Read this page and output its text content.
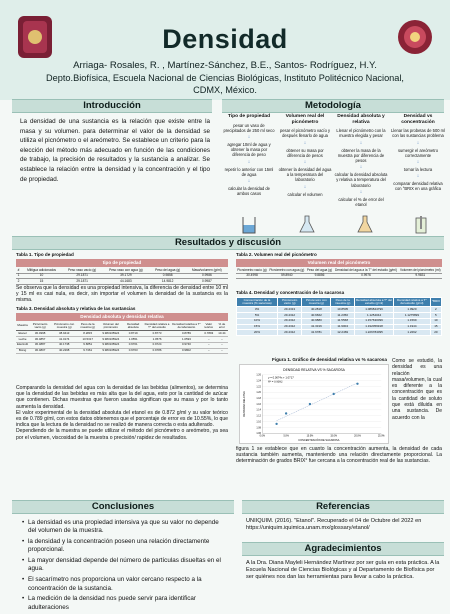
Densidad
Arriaga- Rosales, R. , Martínez-Sánchez, B.E., Santos- Rodríguez, H.Y.
Depto.Biofísica, Escuela Nacional de Ciencias Biológicas, Instituto Politécnico Nacional,
CDMX, México.
Introducción
La densidad de una sustancia es la relación que existe entre la masa y su volumen. para determinar el valor de la densidad se utiliza el picnómetro o el areómetro. Se establece un criterio para la elección del método más adecuado en función de las condiciones de trabajo, la precisión de resultados y la sustancia a analizar. Se establece la relación entre la densidad y la concentración y el tipo de propiedad.
Metodología
Tipo de propiedad
pesar un vaso de precipitados de 250 ml seco
↓
agregar 10ml de agua y obtener la masa por diferencia de peso
↓
repetir lo anterior con 15ml de agua
↓
calcular la densidad de ambos casos
Volumen real del picnómetro
pesar el picnómetro vacío y después llenarlo de agua
↓
obtener su masa por diferencia de pesos
↓
obtener la densidad del agua a la temperatura del laboratorio
↓
calcular el volumen
Densidad absoluta y relativa
Llenar el picnómetro con la muestra elegida y pesar
↓
obtener la masa de la muestra por diferencia de pesos
↓
calcular la densidad absoluta y relativa a temperatura del laboratorio
↓
calcular el % de error del etanol
Densidad vs concentración
Llenar las probetas de 500 ml con las sustancias problema
↓
sumergir el areómetro correctamente
↓
tomar la lectura
↓
comparar densidad relativa con °BRIX en una gráfica
Resultados y discusión
Tabla 1. Tipo de propiedad
tipo de propiedad
#	Mlitigua adicionados	Peso vaso vacío (g)	Peso vaso con agua (g)	Peso del agua (g)	Masa/volumen (g/ml)
1	10	29.1871	39.1729	0.9858	0.9986
2	15	29.1871	44.1683	14.9812	0.9987
Tabla 2. Volumen real del picnómetro
Volumen real del picnómetro
Picnómetro vacío (g)	Picnómetro con agua (g)	Peso del agua (g)	Densidad del agua a la T° del estudio (g/ml)	Volumen del picnómetro (ml)
30.4998	59.8940	9.8856	0.9976	9.9831
Se observa que la densidad es una propiedad intensiva, la diferencia de densidad entre 10 ml y 15 ml es casi nula, es decir, sin importar el volumen la densidad de la sustancia es la misma.
Tabla 3. Densidad absoluta y relativa de las sustancias
Densidad absoluta y densidad relativa
Muestra	Picnómetro vacío (g)	Picnómetro con muestra (g)	Peso de la muestra (g)	Volumen del picnómetro	Densidad absoluta	Densidad relativa a T° del estudio	Densidad relativa a T° de laboratorio	Valor teórico	% de error
Etanol	30.4998	38.9413	8.2815	9.983135924	0.8719	0.8773	0.8789	0.7893	10.44
Leche	30.4857	41.0174	10.5317	9.983135924	1.0551	1.0576	1.0593	–	–
Electrolit	30.4887	40.1738	9.6851	9.983135924	0.9701	0.9724	0.9740	–	–
Boing	30.4807	40.2268	9.7461	9.983135924	0.9763	0.9786	0.9802	–	–
Comparando la densidad del agua con la densidad de las bebidas (alimentos), se determina que la densidad de las bebidas es más alta que la del agua, esto por la cantidad de azúcar que contienen. Dichas muestras que fueron usadas significan que su masa y por lo tanto aumenta la densidad.
El valor experimental de la densidad absoluta del etanol es de 0.872 g/ml y su valor teórico es de 0.789 g/ml, con estos datos obtenemos que el porcentaje de error es de 10.55%, lo que indica que la lectura de la densidad no se realizó de manera correcta o esta adulterado.
Dependiendo de la muestra se puede utilizar el método del picnómetro o areómetro, ya sea por el volumen, viscosidad de la muestra o precisión/ rapidez de resultados.
Tabla 4. Densidad y concentración de la sacarosa
Concentración de la muestra (% sacarosa)	Picnómetro vacío (g)	Picnómetro con muestra (g)	Peso de la muestra (g)	Densidad absoluta a T° del estudio (g/ml)	Densidad relativa a T° del estudio (g/ml)	°BRIX
3%	29.4313	40.2818	10.8505	1.086844799	1.0920	2
5%	29.4312	40.6662	11.2350	1.1254044	1.1275899	5
10%	29.4312	40.9880	11.5568	1.157630099	1.1599	10
15%	29.4312	41.3316	11.9004	1.192059918	1.1944	15
20%	29.4312	41.6781	12.2469	1.226784095	1.2292	20
Figura 1. Gráfico de densidad relativa vs % sacarosa
DENSIDAD RELATIVA VS % SACAROSA
DENSIDAD RELATIVA
CONCENTRACIÓN DE SACAROSA
y = 0.0074x + 1.0717
R² = 0.9592
1.06
1.08
1.10
1.12
1.14
1.16
1.18
1.20
1.22
1.24
1.26
0.0%	5.0%	10.0%	15.0%	20.0%	25.0%
Como se estudió, la densidad es una relación masa/volumen, la cual es diferente a la concentración que es la cantidad de soluto que está diluida en una sustancia. De acuerdo con la
figura 1 se establece que en cuanto la concentración aumenta, la densidad de cada sustancia también aumenta, manteniendo una relación directamente proporcional. La determinación de grados BRIX° fue cercana a la concentración real de las sustancias.
Conclusiones
• La densidad es una propiedad intensiva ya que su valor no depende del volumen de la muestra.
• la densidad y la concentración poseen una relación directamente proporcional.
• La mayor densidad depende del número de partículas disueltas en el agua.
• El sacarímetro nos proporciona un valor cercano respecto a la concentración de la sustancia.
• La medición de la densidad nos puede servir para identificar adulteraciones
Referencias
UNIIQUIM. (2016). "Etanol". Recuperado el 04 de Octubre del 2022 en https://uniquim.iquimica.unam.mx/glossary/etanol/
Agradecimientos
A la Dra. Diana Mayleli Hernández Martínez por ser guía en esta práctica. A la Escuela Nacional de Ciencias Biológicas y al Departamento de Biofísica por ser quiénes nos dan las herramientas para llevar a cabo la práctica.
